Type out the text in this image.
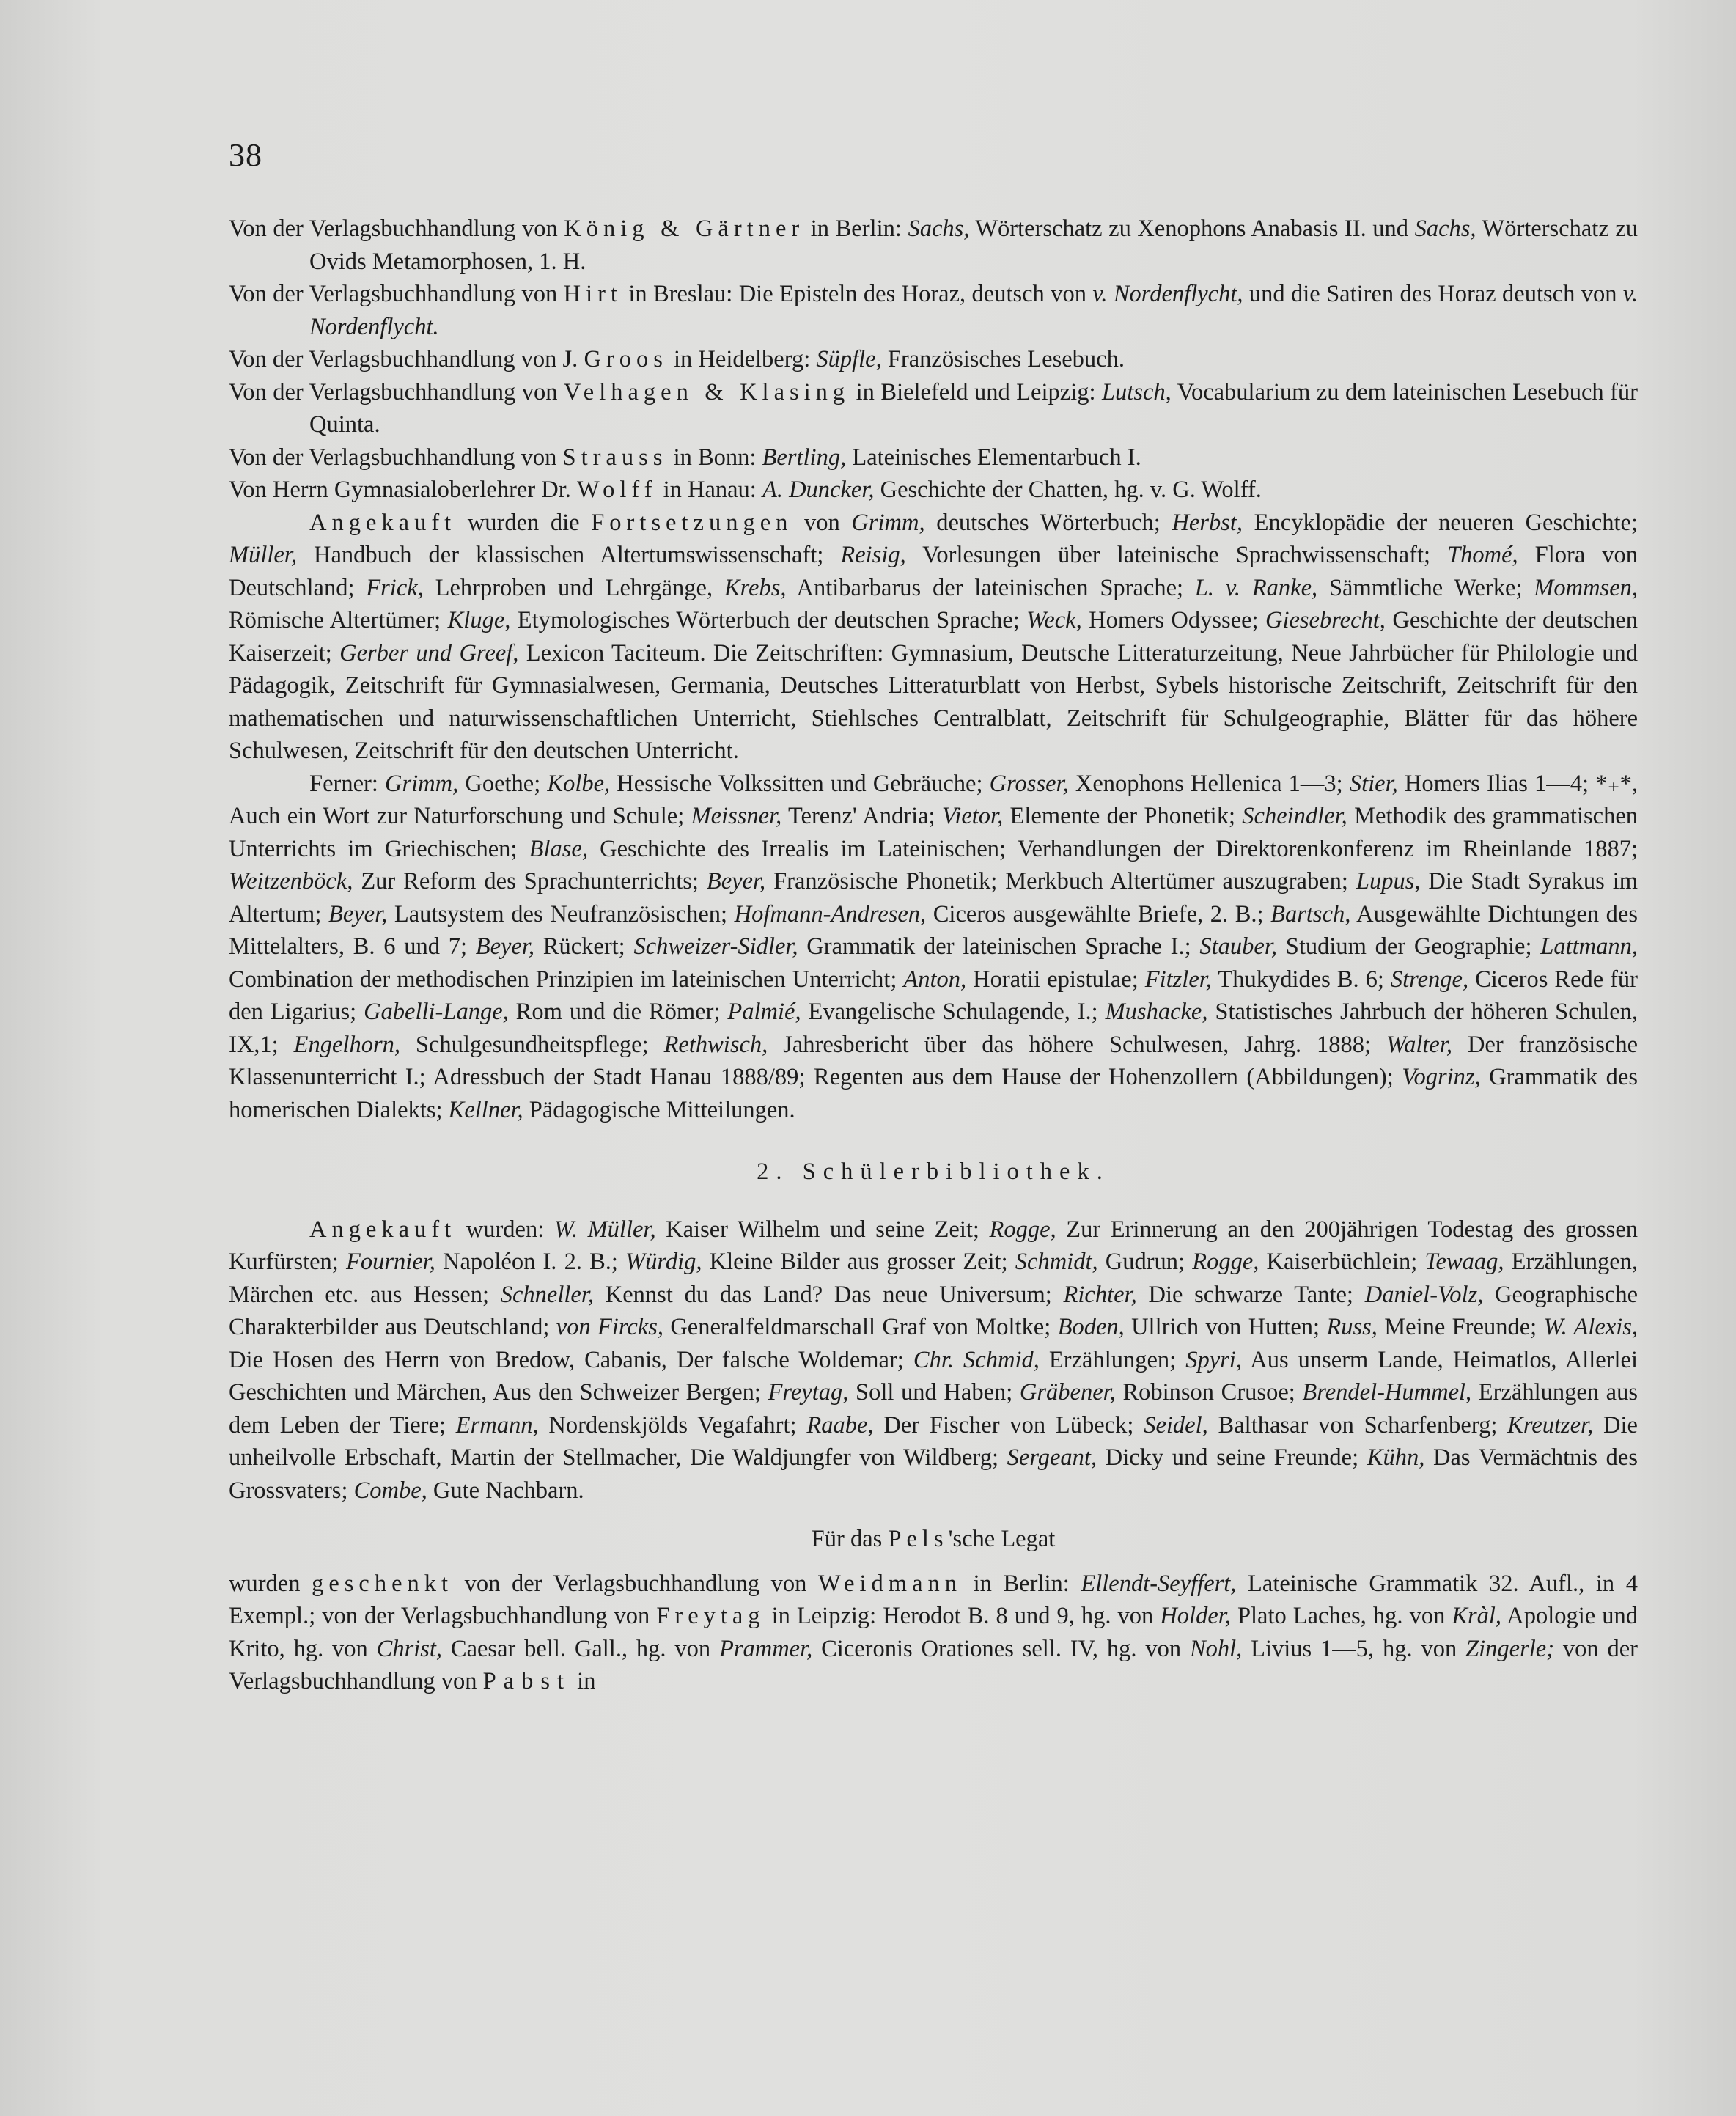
38

Von der Verlagsbuchhandlung von König & Gärtner in Berlin: Sachs, Wörterschatz zu Xenophons Anabasis II. und Sachs, Wörterschatz zu Ovids Metamorphosen, 1. H.

Von der Verlagsbuchhandlung von Hirt in Breslau: Die Episteln des Horaz, deutsch von v. Nordenflycht, und die Satiren des Horaz deutsch von v. Nordenflycht.

Von der Verlagsbuchhandlung von J. Groos in Heidelberg: Süpfle, Französisches Lesebuch.

Von der Verlagsbuchhandlung von Velhagen & Klasing in Bielefeld und Leipzig: Lutsch, Vocabularium zu dem lateinischen Lesebuch für Quinta.

Von der Verlagsbuchhandlung von Strauss in Bonn: Bertling, Lateinisches Elementarbuch I.

Von Herrn Gymnasialoberlehrer Dr. Wolff in Hanau: A. Duncker, Geschichte der Chatten, hg. v. G. Wolff.

Angekauft wurden die Fortsetzungen von Grimm, deutsches Wörterbuch; Herbst, Encyklopädie der neueren Geschichte; Müller, Handbuch der klassischen Altertumswissenschaft; Reisig, Vorlesungen über lateinische Sprachwissenschaft; Thomé, Flora von Deutschland; Frick, Lehrproben und Lehrgänge, Krebs, Antibarbarus der lateinischen Sprache; L. v. Ranke, Sämmtliche Werke; Mommsen, Römische Altertümer; Kluge, Etymologisches Wörterbuch der deutschen Sprache; Weck, Homers Odyssee; Giesebrecht, Geschichte der deutschen Kaiserzeit; Gerber und Greef, Lexicon Taciteum. Die Zeitschriften: Gymnasium, Deutsche Litteraturzeitung, Neue Jahrbücher für Philologie und Pädagogik, Zeitschrift für Gymnasialwesen, Germania, Deutsches Litteraturblatt von Herbst, Sybels historische Zeitschrift, Zeitschrift für den mathematischen und naturwissenschaftlichen Unterricht, Stiehlsches Centralblatt, Zeitschrift für Schulgeographie, Blätter für das höhere Schulwesen, Zeitschrift für den deutschen Unterricht.

Ferner: Grimm, Goethe; Kolbe, Hessische Volkssitten und Gebräuche; Grosser, Xenophons Hellenica 1—3; Stier, Homers Ilias 1—4; *₊*, Auch ein Wort zur Naturforschung und Schule; Meissner, Terenz' Andria; Vietor, Elemente der Phonetik; Scheindler, Methodik des grammatischen Unterrichts im Griechischen; Blase, Geschichte des Irrealis im Lateinischen; Verhandlungen der Direktorenkonferenz im Rheinlande 1887; Weitzenböck, Zur Reform des Sprachunterrichts; Beyer, Französische Phonetik; Merkbuch Altertümer auszugraben; Lupus, Die Stadt Syrakus im Altertum; Beyer, Lautsystem des Neufranzösischen; Hofmann-Andresen, Ciceros ausgewählte Briefe, 2. B.; Bartsch, Ausgewählte Dichtungen des Mittelalters, B. 6 und 7; Beyer, Rückert; Schweizer-Sidler, Grammatik der lateinischen Sprache I.; Stauber, Studium der Geographie; Lattmann, Combination der methodischen Prinzipien im lateinischen Unterricht; Anton, Horatii epistulae; Fitzler, Thukydides B. 6; Strenge, Ciceros Rede für den Ligarius; Gabelli-Lange, Rom und die Römer; Palmié, Evangelische Schulagende, I.; Mushacke, Statistisches Jahrbuch der höheren Schulen, IX,1; Engelhorn, Schulgesundheitspflege; Rethwisch, Jahresbericht über das höhere Schulwesen, Jahrg. 1888; Walter, Der französische Klassenunterricht I.; Adressbuch der Stadt Hanau 1888/89; Regenten aus dem Hause der Hohenzollern (Abbildungen); Vogrinz, Grammatik des homerischen Dialekts; Kellner, Pädagogische Mitteilungen.

2. Schülerbibliothek.

Angekauft wurden: W. Müller, Kaiser Wilhelm und seine Zeit; Rogge, Zur Erinnerung an den 200jährigen Todestag des grossen Kurfürsten; Fournier, Napoléon I. 2. B.; Würdig, Kleine Bilder aus grosser Zeit; Schmidt, Gudrun; Rogge, Kaiserbüchlein; Tewaag, Erzählungen, Märchen etc. aus Hessen; Schneller, Kennst du das Land? Das neue Universum; Richter, Die schwarze Tante; Daniel-Volz, Geographische Charakterbilder aus Deutschland; von Fircks, Generalfeldmarschall Graf von Moltke; Boden, Ullrich von Hutten; Russ, Meine Freunde; W. Alexis, Die Hosen des Herrn von Bredow, Cabanis, Der falsche Woldemar; Chr. Schmid, Erzählungen; Spyri, Aus unserm Lande, Heimatlos, Allerlei Geschichten und Märchen, Aus den Schweizer Bergen; Freytag, Soll und Haben; Gräbener, Robinson Crusoe; Brendel-Hummel, Erzählungen aus dem Leben der Tiere; Ermann, Nordenskjölds Vegafahrt; Raabe, Der Fischer von Lübeck; Seidel, Balthasar von Scharfenberg; Kreutzer, Die unheilvolle Erbschaft, Martin der Stellmacher, Die Waldjungfer von Wildberg; Sergeant, Dicky und seine Freunde; Kühn, Das Vermächtnis des Grossvaters; Combe, Gute Nachbarn.

Für das Pels'sche Legat

wurden geschenkt von der Verlagsbuchhandlung von Weidmann in Berlin: Ellendt-Seyffert, Lateinische Grammatik 32. Aufl., in 4 Exempl.; von der Verlagsbuchhandlung von Freytag in Leipzig: Herodot B. 8 und 9, hg. von Holder, Plato Laches, hg. von Kràl, Apologie und Krito, hg. von Christ, Caesar bell. Gall., hg. von Prammer, Ciceronis Orationes sell. IV, hg. von Nohl, Livius 1—5, hg. von Zingerle; von der Verlagsbuchhandlung von Pabst in
